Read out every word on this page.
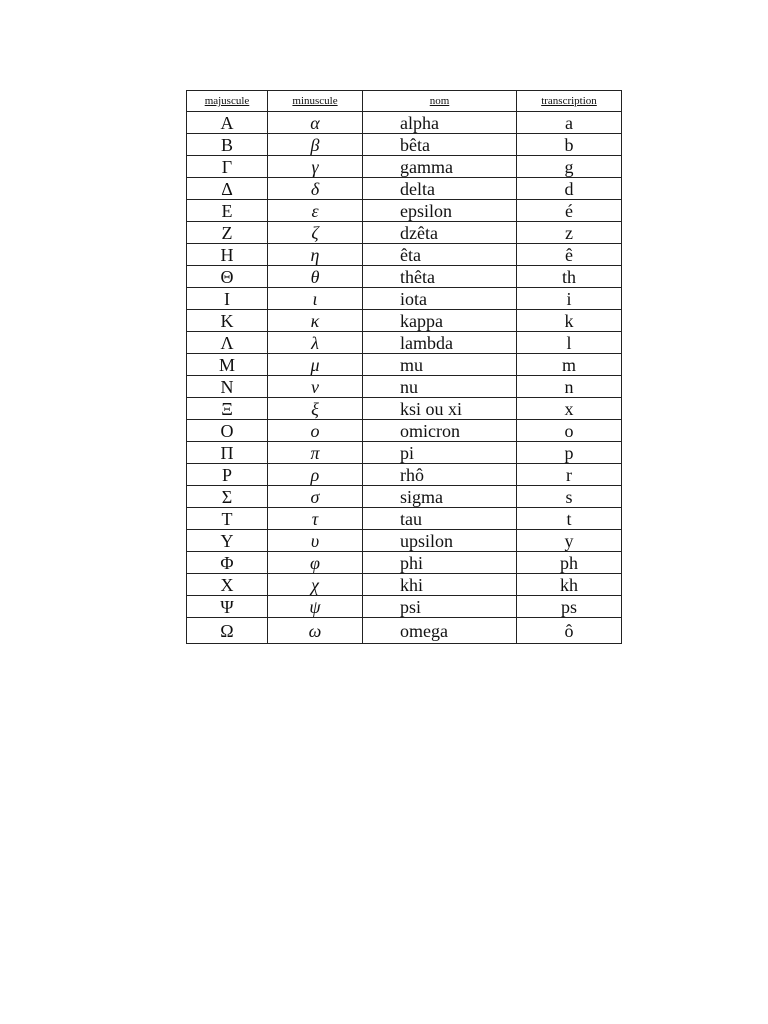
majuscule	minuscule	nom	transcription
Α	α	alpha	a
Β	β	bêta	b
Γ	γ	gamma	g
Δ	δ	delta	d
Ε	ε	epsilon	é
Ζ	ζ	dzêta	z
Η	η	êta	ê
Θ	θ	thêta	th
Ι	ι	iota	i
Κ	κ	kappa	k
Λ	λ	lambda	l
Μ	μ	mu	m
Ν	ν	nu	n
Ξ	ξ	ksi ou xi	x
Ο	ο	omicron	o
Π	π	pi	p
Ρ	ρ	rhô	r
Σ	σ	sigma	s
Τ	τ	tau	t
Υ	υ	upsilon	y
Φ	φ	phi	ph
Χ	χ	khi	kh
Ψ	ψ	psi	ps
Ω	ω	omega	ô
